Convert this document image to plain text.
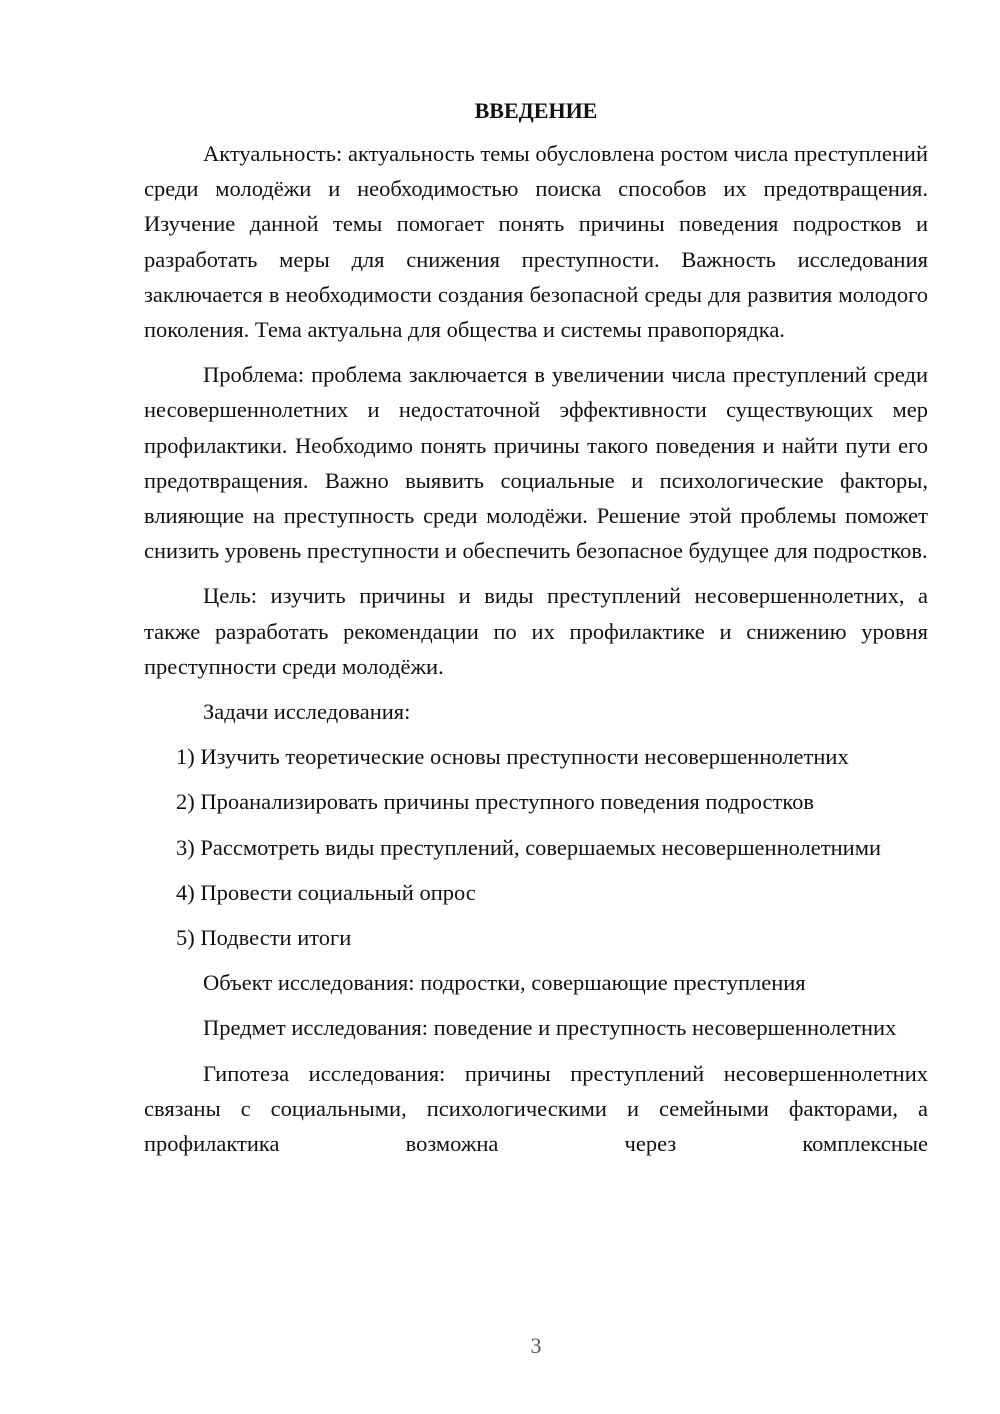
ВВЕДЕНИЕ

Актуальность: актуальность темы обусловлена ростом числа преступлений среди молодёжи и необходимостью поиска способов их предотвращения. Изучение данной темы помогает понять причины поведения подростков и разработать меры для снижения преступности. Важность исследования заключается в необходимости создания безопасной среды для развития молодого поколения. Тема актуальна для общества и системы правопорядка.

Проблема: проблема заключается в увеличении числа преступлений среди несовершеннолетних и недостаточной эффективности существующих мер профилактики. Необходимо понять причины такого поведения и найти пути его предотвращения. Важно выявить социальные и психологические факторы, влияющие на преступность среди молодёжи. Решение этой проблемы поможет снизить уровень преступности и обеспечить безопасное будущее для подростков.

Цель: изучить причины и виды преступлений несовершеннолетних, а также разработать рекомендации по их профилактике и снижению уровня преступности среди молодёжи.

Задачи исследования:

1) Изучить теоретические основы преступности несовершеннолетних

2) Проанализировать причины преступного поведения подростков

3) Рассмотреть виды преступлений, совершаемых несовершеннолетними

4) Провести социальный опрос

5) Подвести итоги

Объект исследования: подростки, совершающие преступления

Предмет исследования: поведение и преступность несовершеннолетних

Гипотеза исследования: причины преступлений несовершеннолетних связаны с социальными, психологическими и семейными факторами, а профилактика возможна через комплексные

3
